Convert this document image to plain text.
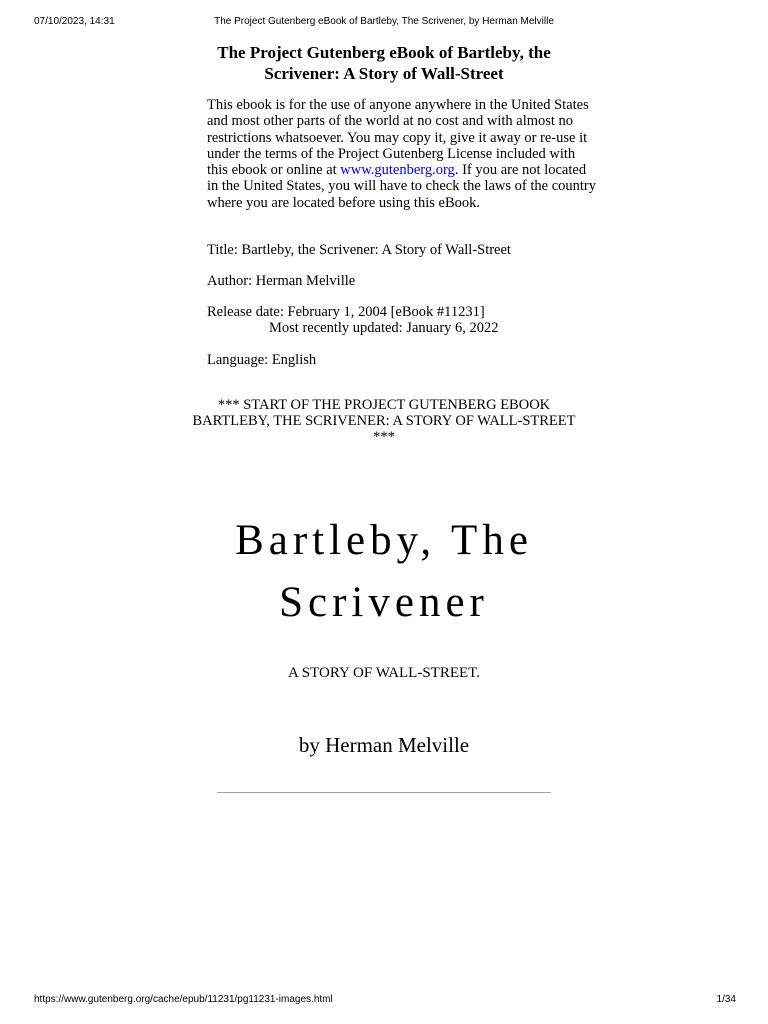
07/10/2023, 14:31	The Project Gutenberg eBook of Bartleby, The Scrivener, by Herman Melville
The Project Gutenberg eBook of Bartleby, the
Scrivener: A Story of Wall-Street

This ebook is for the use of anyone anywhere in the United States and most other parts of the world at no cost and with almost no restrictions whatsoever. You may copy it, give it away or re-use it under the terms of the Project Gutenberg License included with this ebook or online at www.gutenberg.org. If you are not located in the United States, you will have to check the laws of the country where you are located before using this eBook.

Title: Bartleby, the Scrivener: A Story of Wall-Street

Author: Herman Melville

Release date: February 1, 2004 [eBook #11231]

Most recently updated: January 6, 2022

Language: English

*** START OF THE PROJECT GUTENBERG EBOOK
BARTLEBY, THE SCRIVENER: A STORY OF WALL-STREET
***

Bartleby, The
Scrivener

A STORY OF WALL-STREET.

by Herman Melville

https://www.gutenberg.org/cache/epub/11231/pg11231-images.html	1/34
